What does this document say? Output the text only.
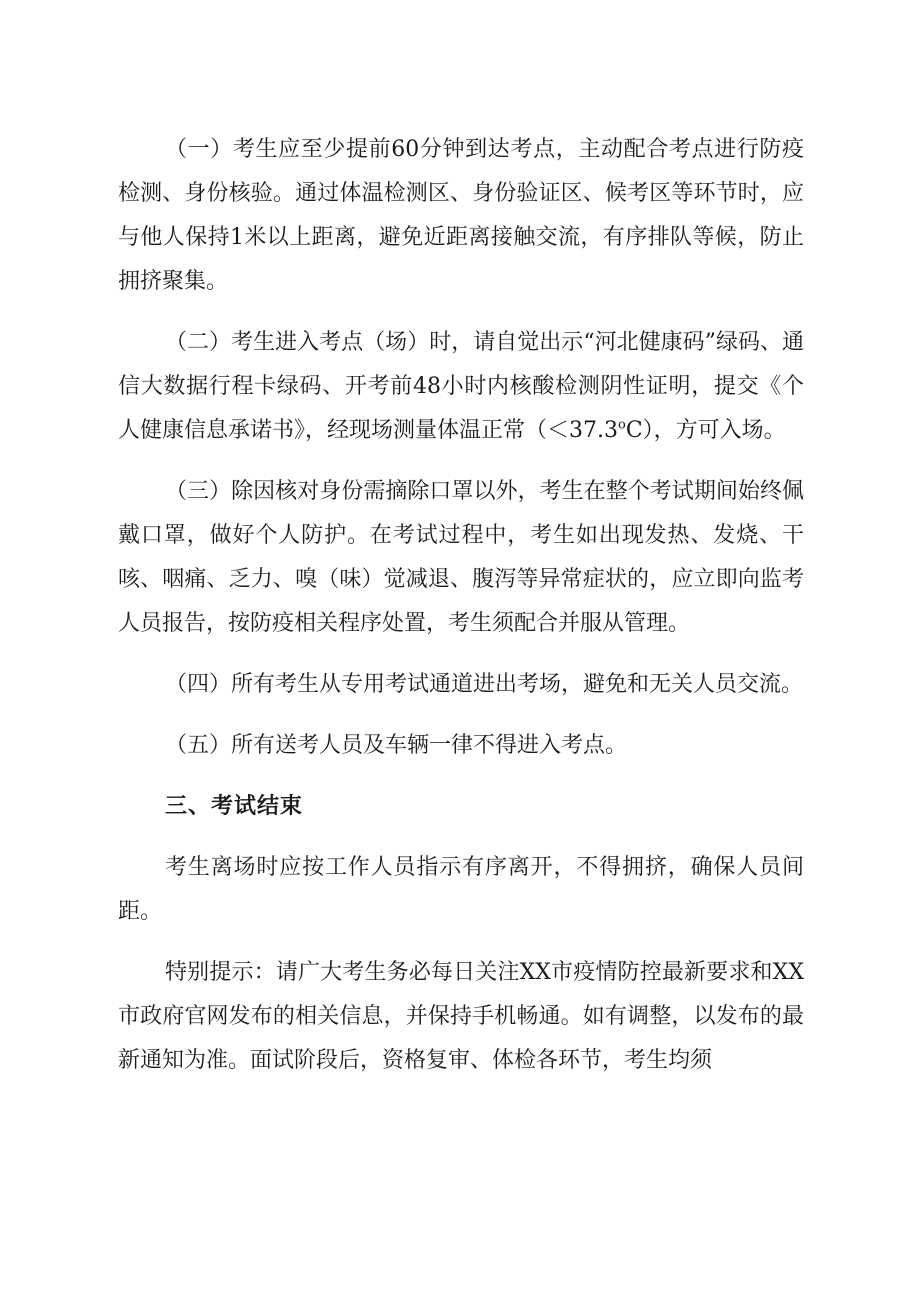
（一）考生应至少提前60分钟到达考点，主动配合考点进行防疫检测、身份核验。通过体温检测区、身份验证区、候考区等环节时，应与他人保持1米以上距离，避免近距离接触交流，有序排队等候，防止拥挤聚集。

（二）考生进入考点（场）时，请自觉出示“河北健康码”绿码、通信大数据行程卡绿码、开考前48小时内核酸检测阴性证明，提交《个人健康信息承诺书》，经现场测量体温正常$(<37.3^oC)$，方可入场。

（三）除因核对身份需摘除口罩以外，考生在整个考试期间始终佩戴口罩，做好个人防护。在考试过程中，考生如出现发热、发烧、干咳、咽痛、乏力、嗅（味）觉减退、腹泻等异常症状的，应立即向监考人员报告，按防疫相关程序处置，考生须配合并服从管理。

（四）所有考生从专用考试通道进出考场，避免和无关人员交流。

（五）所有送考人员及车辆一律不得进入考点。

三、考试结束

考生离场时应按工作人员指示有序离开，不得拥挤，确保人员间距。

特别提示：请广大考生务必每日关注XX市疫情防控最新要求和XX市政府官网发布的相关信息，并保持手机畅通。如有调整，以发布的最新通知为准。面试阶段后，资格复审、体检各环节，考生均须
